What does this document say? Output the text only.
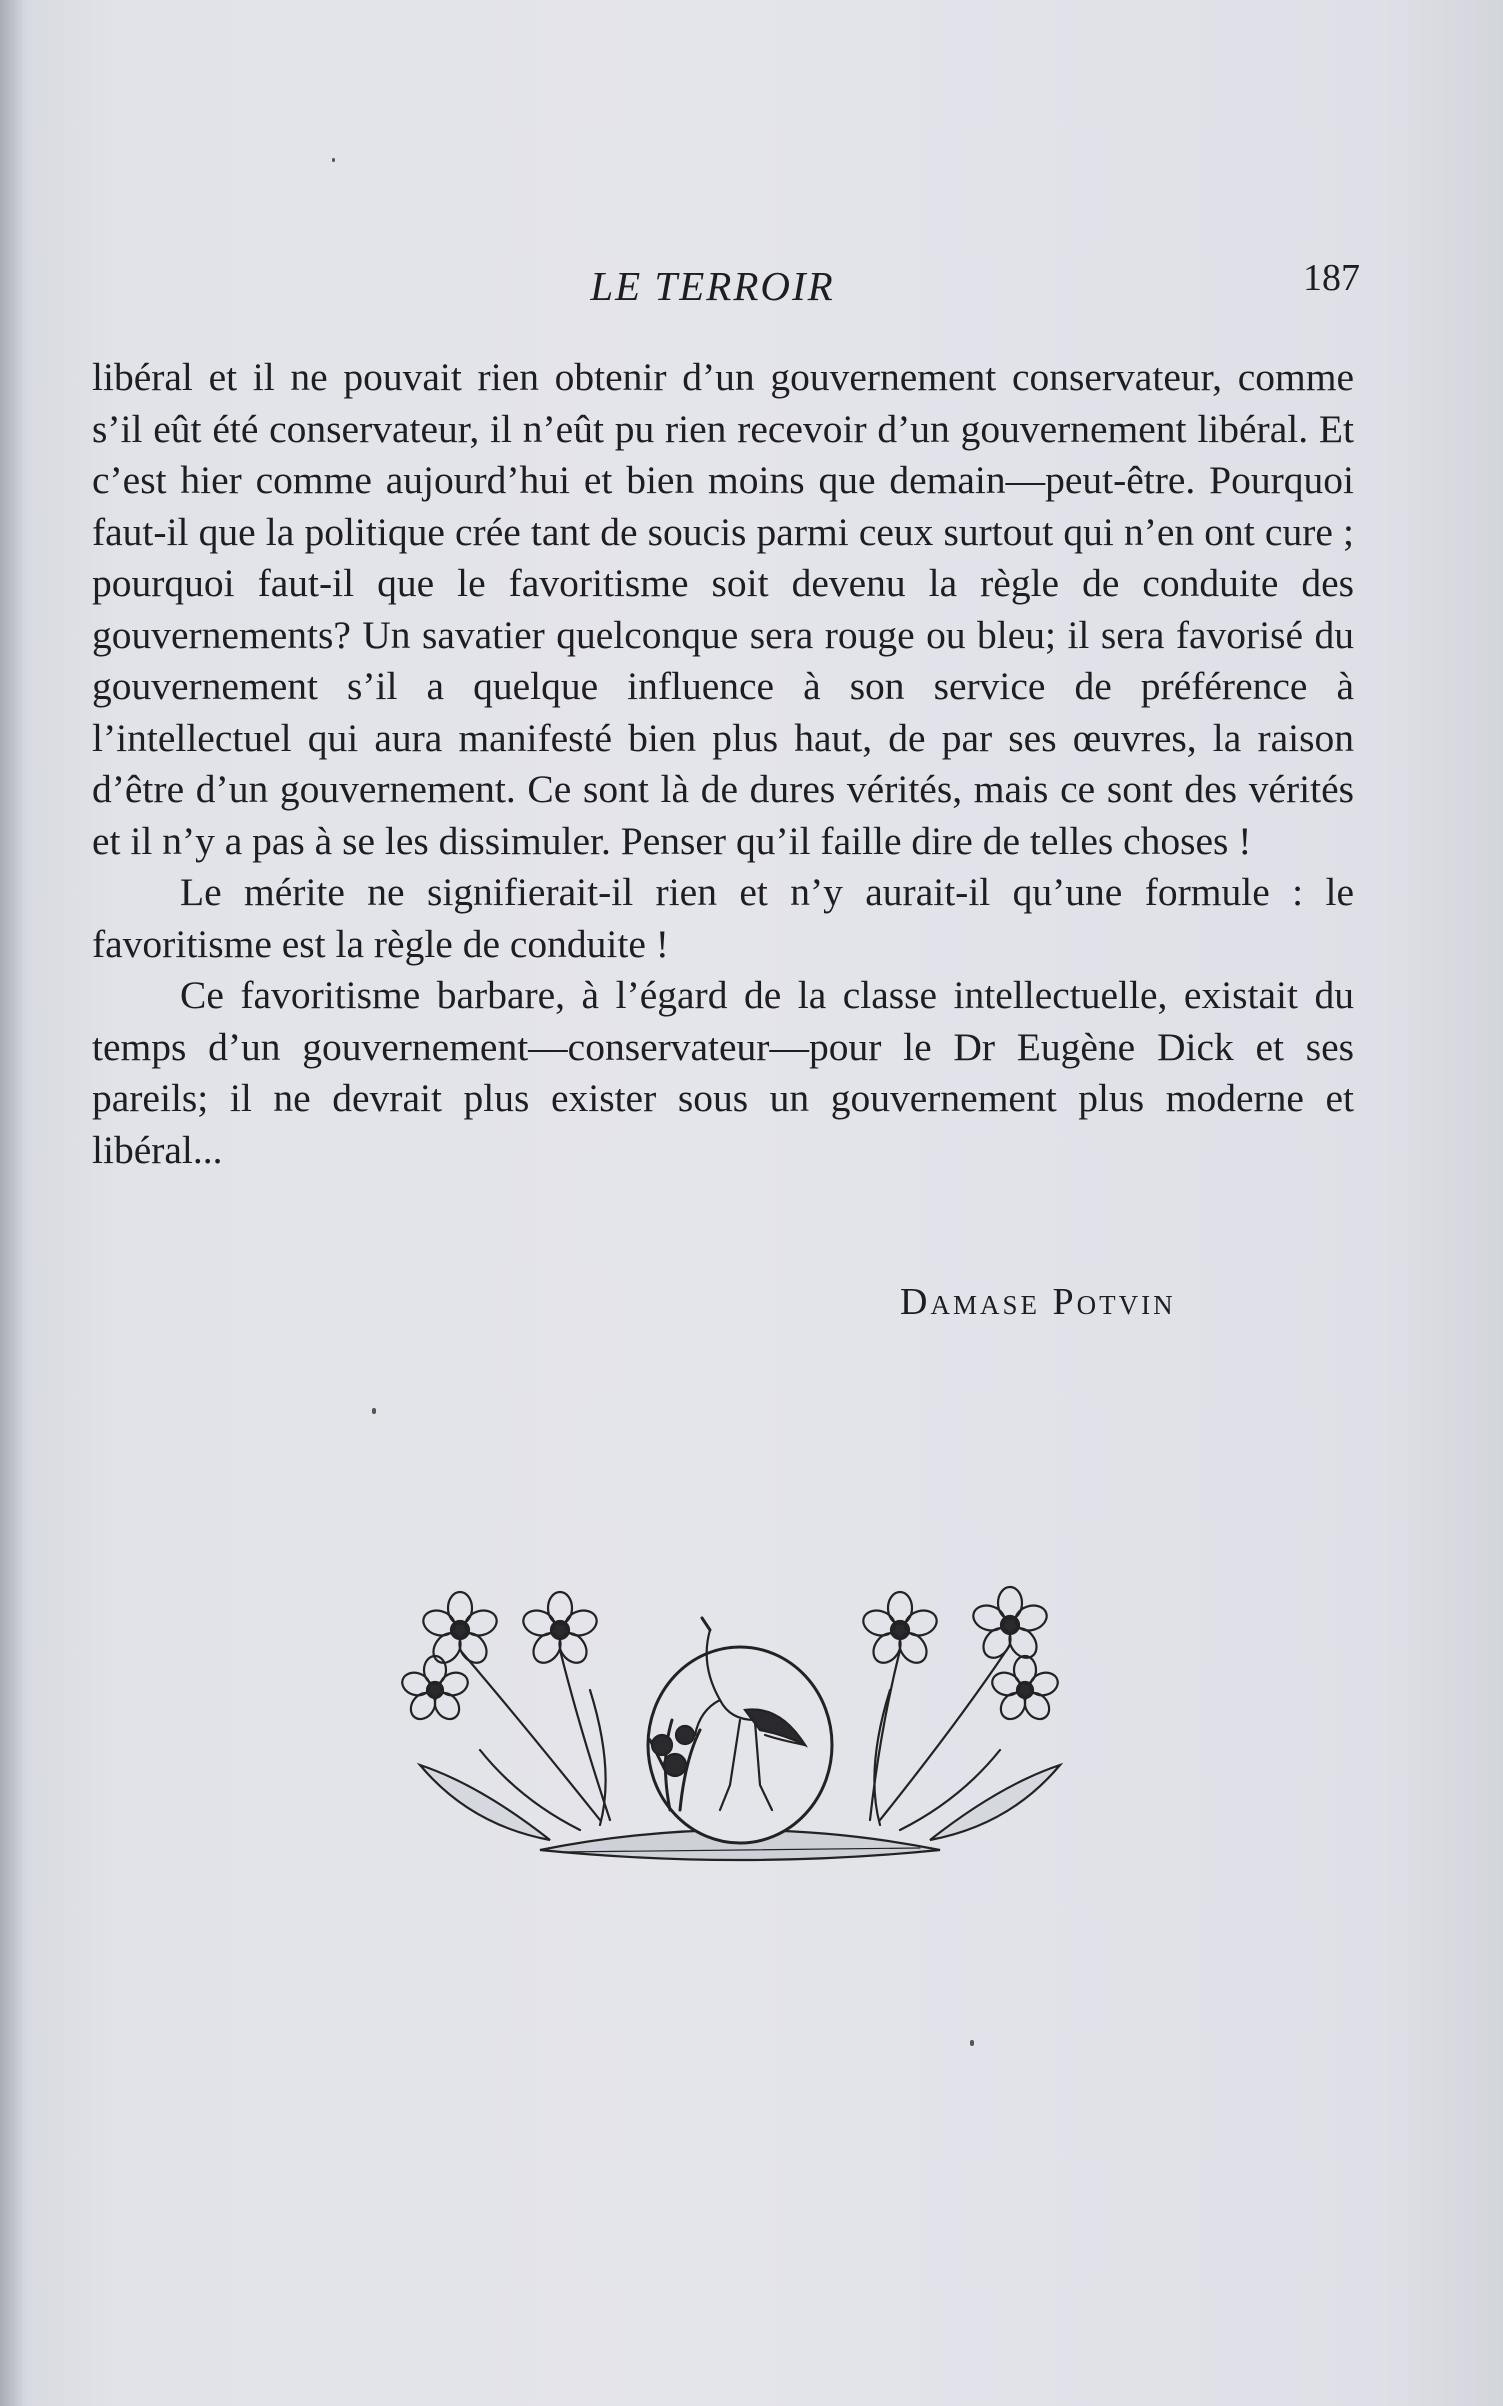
LE TERROIR	187

libéral et il ne pouvait rien obtenir d’un gouvernement conservateur, comme s’il eût été conservateur, il n’eût pu rien recevoir d’un gouvernement libéral. Et c’est hier comme aujourd’hui et bien moins que demain—peut-être. Pourquoi faut-il que la politique crée tant de soucis parmi ceux surtout qui n’en ont cure ; pourquoi faut-il que le favoritisme soit devenu la règle de conduite des gouvernements? Un savatier quelconque sera rouge ou bleu; il sera favorisé du gouvernement s’il a quelque influence à son service de préférence à l’intellectuel qui aura manifesté bien plus haut, de par ses œuvres, la raison d’être d’un gouvernement. Ce sont là de dures vérités, mais ce sont des vérités et il n’y a pas à se les dissimuler. Penser qu’il faille dire de telles choses !

Le mérite ne signifierait-il rien et n’y aurait-il qu’une formule : le favoritisme est la règle de conduite !

Ce favoritisme barbare, à l’égard de la classe intellectuelle, existait du temps d’un gouvernement—conservateur—pour le Dr Eugène Dick et ses pareils; il ne devrait plus exister sous un gouvernement plus moderne et libéral...

Damase Potvin
